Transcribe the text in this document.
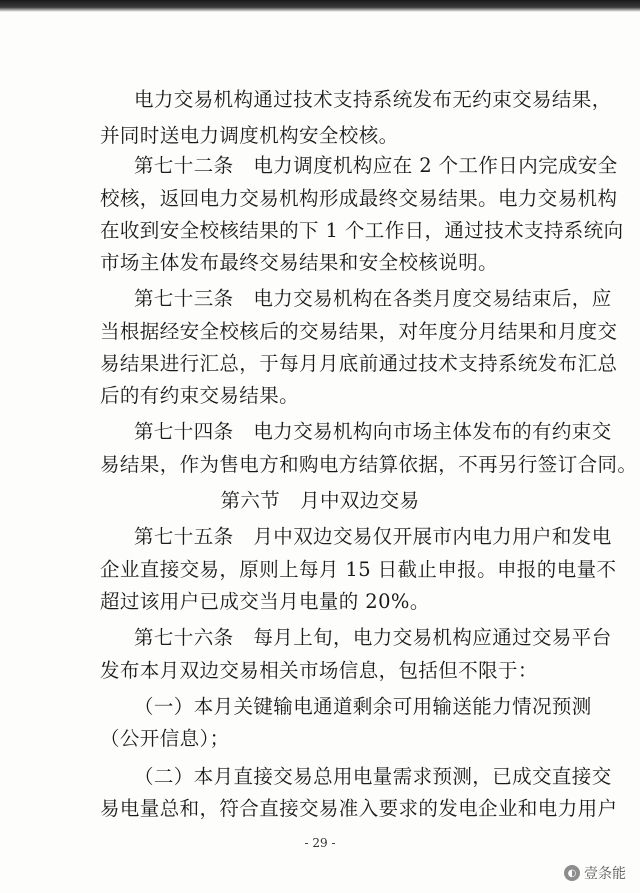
电力交易机构通过技术支持系统发布无约束交易结果，
并同时送电力调度机构安全校核。
第七十二条　电力调度机构应在 2 个工作日内完成安全
校核，返回电力交易机构形成最终交易结果。电力交易机构
在收到安全校核结果的下 1 个工作日，通过技术支持系统向
市场主体发布最终交易结果和安全校核说明。
第七十三条　电力交易机构在各类月度交易结束后，应
当根据经安全校核后的交易结果，对年度分月结果和月度交
易结果进行汇总，于每月月底前通过技术支持系统发布汇总
后的有约束交易结果。
第七十四条　电力交易机构向市场主体发布的有约束交
易结果，作为售电方和购电方结算依据，不再另行签订合同。
第六节　月中双边交易
第七十五条　月中双边交易仅开展市内电力用户和发电
企业直接交易，原则上每月 15 日截止申报。申报的电量不
超过该用户已成交当月电量的 20%。
第七十六条　每月上旬，电力交易机构应通过交易平台
发布本月双边交易相关市场信息，包括但不限于：
（一）本月关键输电通道剩余可用输送能力情况预测
（公开信息）；
（二）本月直接交易总用电量需求预测，已成交直接交
易电量总和，符合直接交易准入要求的发电企业和电力用户
- 29 -
◐ 壹条能
